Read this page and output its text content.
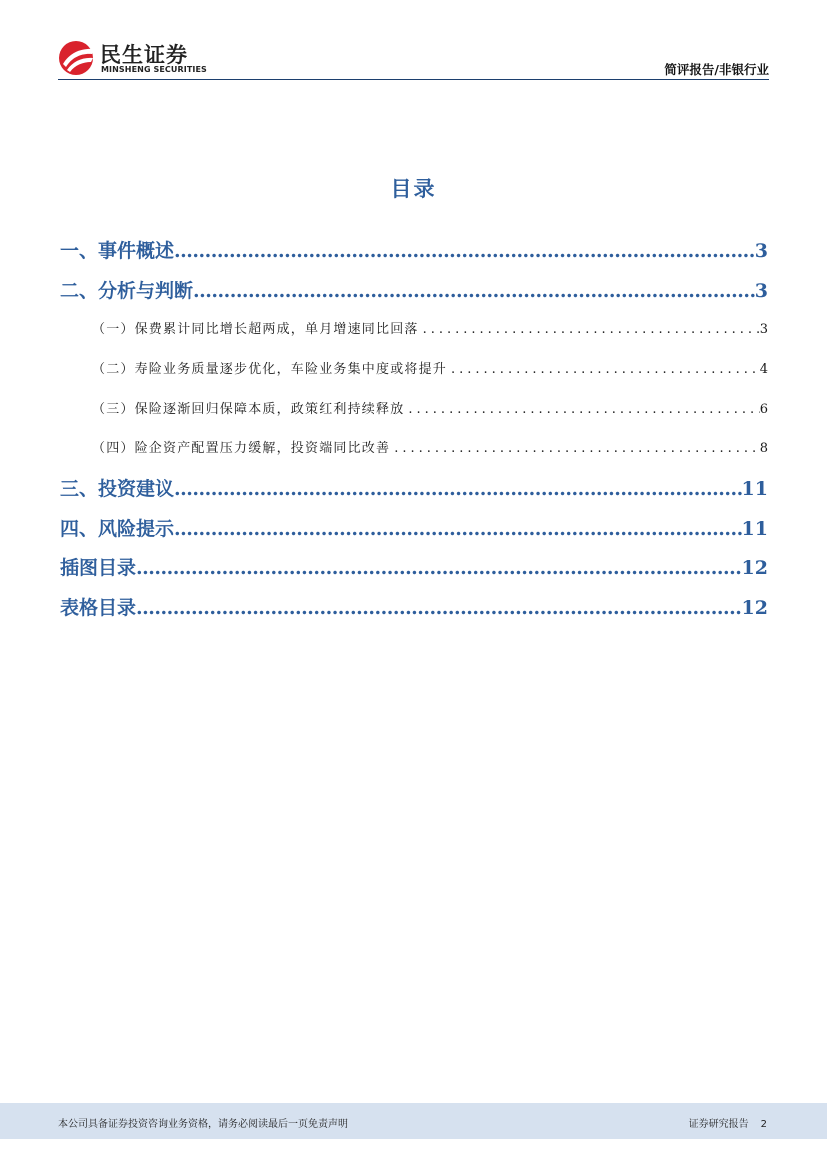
民生证券
MINSHENG SECURITIES	简评报告/非银行业
目录
一、事件概述 .....	3
二、分析与判断 .....	3
（一）保费累计同比增长超两成，单月增速同比回落 .....	3
（二）寿险业务质量逐步优化，车险业务集中度或将提升 .....	4
（三）保险逐渐回归保障本质，政策红利持续释放 .....	6
（四）险企资产配置压力缓解，投资端同比改善 .....	8
三、投资建议 .....	11
四、风险提示 .....	11
插图目录 .....	12
表格目录 .....	12
本公司具备证券投资咨询业务资格，请务必阅读最后一页免责声明	证券研究报告 2
